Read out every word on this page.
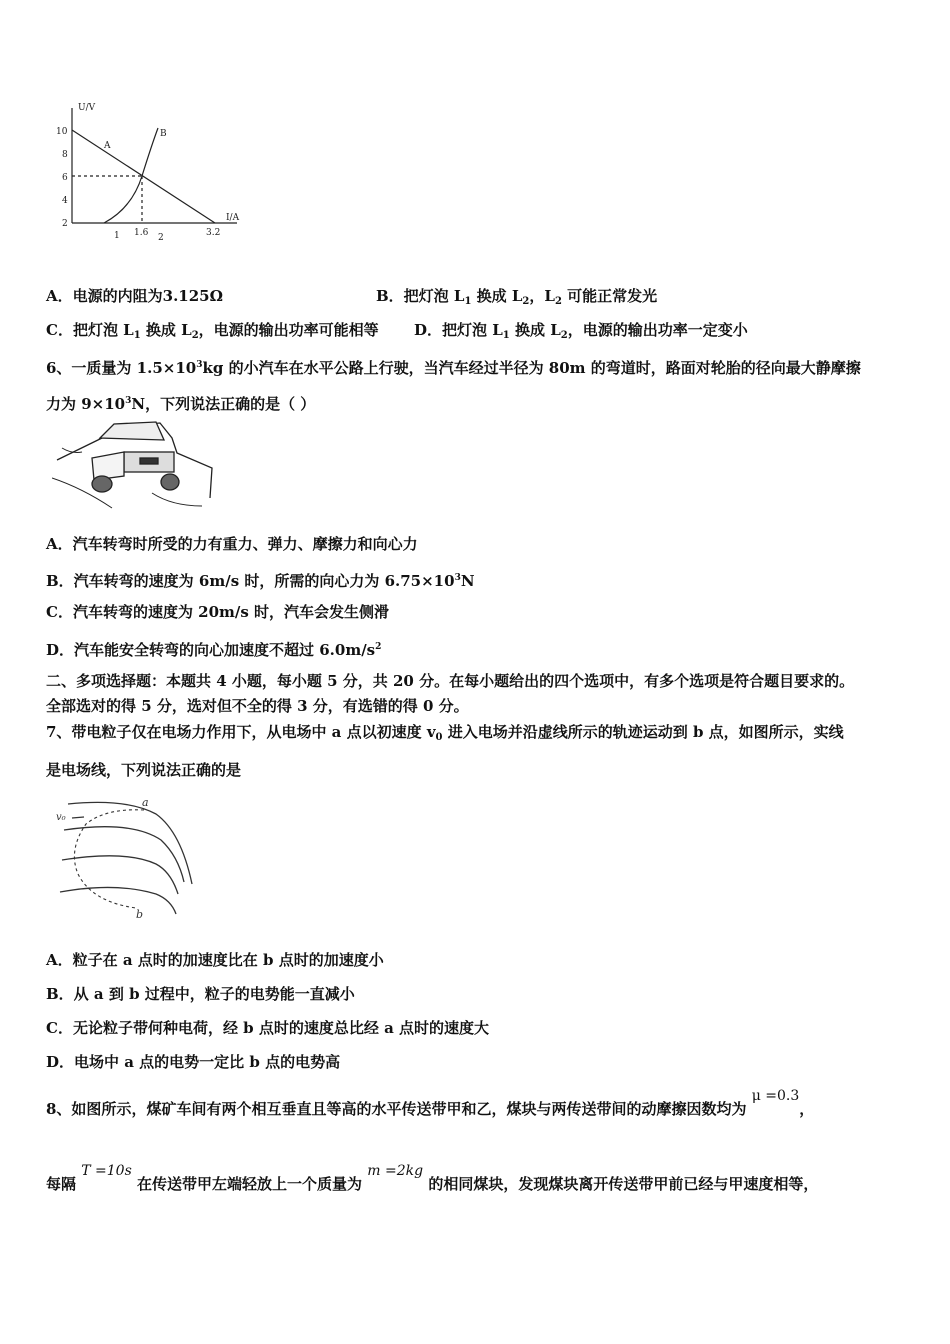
U/V
I/A
A
B
10
8
6
4
2
1 1.6 2	3.2
A．电源的内阻为3.125Ω	B．把灯泡 $L_1$ 换成 $L_2$，$L_2$ 可能正常发光
C．把灯泡 $L_1$ 换成 $L_2$，电源的输出功率可能相等 D．把灯泡 $L_1$ 换成 $L_2$，电源的输出功率一定变小
6、一质量为 $1.5\times 10^3kg$ 的小汽车在水平公路上行驶，当汽车经过半径为 80m 的弯道时，路面对轮胎的径向最大静摩擦
力为 $9\times 10^3N$，下列说法正确的是（ ）
A．汽车转弯时所受的力有重力、弹力、摩擦力和向心力
B．汽车转弯的速度为 6m/s 时，所需的向心力为 $6.75\times 10^3N$
C．汽车转弯的速度为 20m/s 时，汽车会发生侧滑
D．汽车能安全转弯的向心加速度不超过 $6.0m/s^2$
二、多项选择题：本题共 4 小题，每小题 5 分，共 20 分。在每小题给出的四个选项中，有多个选项是符合题目要求的。
全部选对的得 5 分，选对但不全的得 3 分，有选错的得 0 分。
7、带电粒子仅在电场力作用下，从电场中 a 点以初速度 $v_0$ 进入电场并沿虚线所示的轨迹运动到 b 点，如图所示，实线
是电场线，下列说法正确的是
a
b
v₀
A．粒子在 a 点时的加速度比在 b 点时的加速度小
B．从 a 到 b 过程中，粒子的电势能一直减小
C．无论粒子带何种电荷，经 b 点时的速度总比经 a 点时的速度大
D．电场中 a 点的电势一定比 b 点的电势高
8、如图所示，煤矿车间有两个相互垂直且等高的水平传送带甲和乙，煤块与两传送带间的动摩擦因数均为 μ =0.3，
每隔 T =10s 在传送带甲左端轻放上一个质量为 m =2kg 的相同煤块，发现煤块离开传送带甲前已经与甲速度相等，
